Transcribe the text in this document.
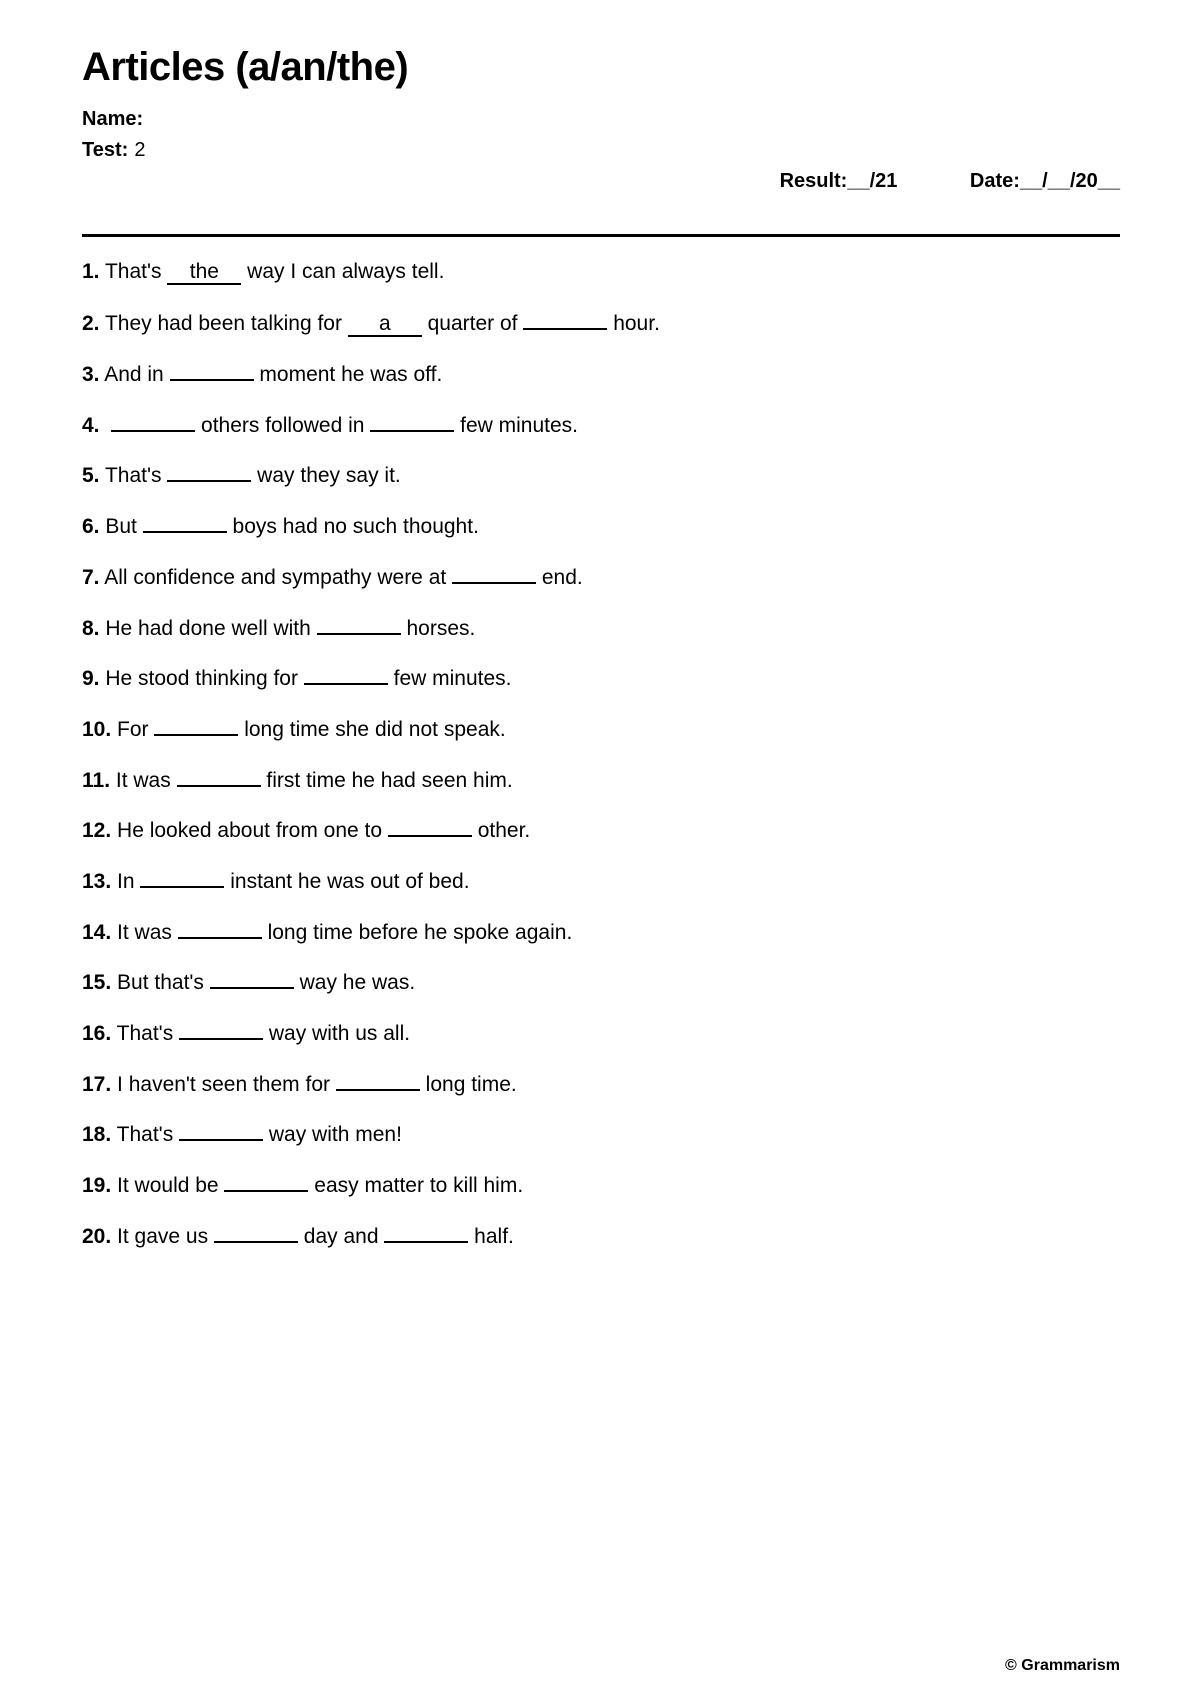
Articles (a/an/the)
Name:
Test: 2

Result:__/21
	Date:__/__/20__

1. That's the way I can always tell.
2. They had been talking for a quarter of	hour.
3. And in	moment he was off.
4.	others followed in	few minutes.
5. That's	way they say it.
6. But	boys had no such thought.
7. All confidence and sympathy were at	end.
8. He had done well with	horses.
9. He stood thinking for	few minutes.
10. For	long time she did not speak.
11. It was	first time he had seen him.
12. He looked about from one to	other.
13. In	instant he was out of bed.
14. It was	long time before he spoke again.
15. But that's	way he was.
16. That's	way with us all.
17. I haven't seen them for	long time.
18. That's	way with men!
19. It would be	easy matter to kill him.
20. It gave us	day and	half.
© Grammarism
